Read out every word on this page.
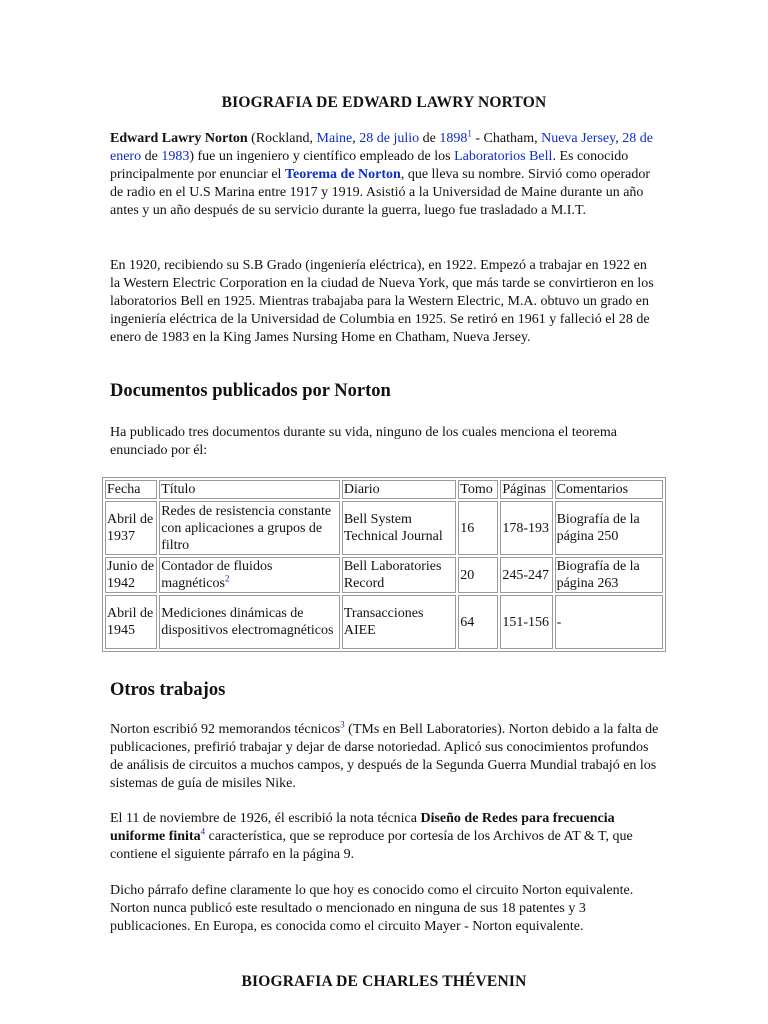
BIOGRAFIA DE EDWARD LAWRY NORTON

Edward Lawry Norton (Rockland, Maine, 28 de julio de 1898$^1$ - Chatham, Nueva Jersey, 28 de enero de 1983) fue un ingeniero y científico empleado de los Laboratorios Bell. Es conocido principalmente por enunciar el Teorema de Norton, que lleva su nombre. Sirvió como operador de radio en el U.S Marina entre 1917 y 1919. Asistió a la Universidad de Maine durante un año antes y un año después de su servicio durante la guerra, luego fue trasladado a M.I.T.

En 1920, recibiendo su S.B Grado (ingeniería eléctrica), en 1922. Empezó a trabajar en 1922 en la Western Electric Corporation en la ciudad de Nueva York, que más tarde se convirtieron en los laboratorios Bell en 1925. Mientras trabajaba para la Western Electric, M.A. obtuvo un grado en ingeniería eléctrica de la Universidad de Columbia en 1925. Se retiró en 1961 y falleció el 28 de enero de 1983 en la King James Nursing Home en Chatham, Nueva Jersey.

Documentos publicados por Norton

Ha publicado tres documentos durante su vida, ninguno de los cuales menciona el teorema enunciado por él:

Fecha	Título	Diario	Tomo	Páginas	Comentarios
Abril de 1937	Redes de resistencia constante con aplicaciones a grupos de filtro	Bell System Technical Journal	16	178-193	Biografía de la página 250
Junio de 1942	Contador de fluidos magnéticos$^2$	Bell Laboratories Record	20	245-247	Biografía de la página 263
Abril de 1945	Mediciones dinámicas de dispositivos electromagnéticos	Transacciones AIEE	64	151-156	-
Otros trabajos

Norton escribió 92 memorandos técnicos$^3$ (TMs en Bell Laboratories). Norton debido a la falta de publicaciones, prefirió trabajar y dejar de darse notoriedad. Aplicó sus conocimientos profundos de análisis de circuitos a muchos campos, y después de la Segunda Guerra Mundial trabajó en los sistemas de guía de misiles Nike.

El 11 de noviembre de 1926, él escribió la nota técnica Diseño de Redes para frecuencia uniforme finita$^4$ característica, que se reproduce por cortesía de los Archivos de AT & T, que contiene el siguiente párrafo en la página 9.

Dicho párrafo define claramente lo que hoy es conocido como el circuito Norton equivalente. Norton nunca publicó este resultado o mencionado en ninguna de sus 18 patentes y 3 publicaciones. En Europa, es conocida como el circuito Mayer - Norton equivalente.

BIOGRAFIA DE CHARLES THÉVENIN
